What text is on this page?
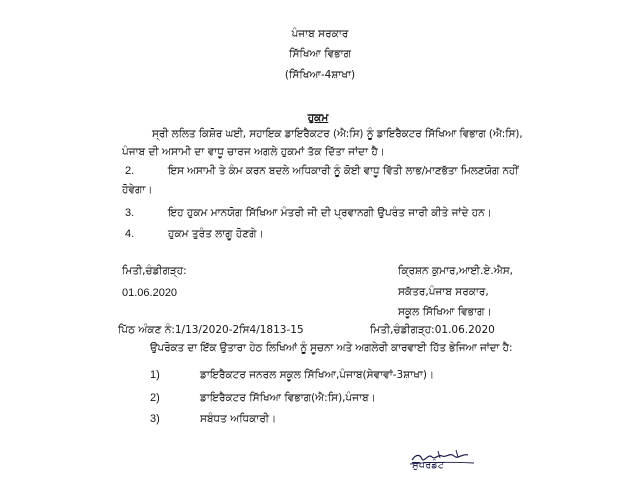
ਪੰਜਾਬ ਸਰਕਾਰ
ਸਿੱਖਿਆ ਵਿਭਾਗ
(ਸਿੱਖਿਆ-4ਸ਼ਾਖਾ)
ਹੁਕਮ
ਸ੍ਰੀ ਲਲਿਤ ਕਿਸ਼ੋਰ ਘਈ, ਸਹਾਇਕ ਡਾਇਰੈਕਟਰ (ਐ:ਸਿ) ਨੂੰ ਡਾਇਰੈਕਟਰ ਸਿੱਖਿਆ ਵਿਭਾਗ (ਐ:ਸਿ),
ਪੰਜਾਬ ਦੀ ਅਸਾਮੀ ਦਾ ਵਾਧੂ ਚਾਰਜ ਅਗਲੇ ਹੁਕਮਾਂ ਤੱਕ ਦਿੱਤਾ ਜਾਂਦਾ ਹੈ।
2.	ਇਸ ਅਸਾਮੀ ਤੇ ਕੰਮ ਕਰਨ ਬਦਲੇ ਅਧਿਕਾਰੀ ਨੂੰ ਕੋਈ ਵਾਧੂ ਵਿੱਤੀ ਲਾਭ/ਮਾਣਭੱਤਾ ਮਿਲਣਯੋਗ ਨਹੀਂ
ਹੋਵੇਗਾ।
3.	ਇਹ ਹੁਕਮ ਮਾਨਯੋਗ ਸਿੱਖਿਆ ਮੰਤਰੀ ਜੀ ਦੀ ਪ੍ਰਵਾਨਗੀ ਉਪਰੰਤ ਜਾਰੀ ਕੀਤੇ ਜਾਂਦੇ ਹਨ।
4.	ਹੁਕਮ ਤੁਰੰਤ ਲਾਗੂ ਹੋਣਗੇ।
ਮਿਤੀ,ਚੰਡੀਗੜ੍ਹ:
01.06.2020
ਕ੍ਰਿਸ਼ਨ ਕੁਮਾਰ,ਆਈ.ਏ.ਐਸ,
ਸਕੱਤਰ,ਪੰਜਾਬ ਸਰਕਾਰ,
ਸਕੂਲ ਸਿੱਖਿਆ ਵਿਭਾਗ।
ਪਿੱਠ ਅੰਕਣ ਨੰ:1/13/2020-2ਸਿ4/1813-15	ਮਿਤੀ,ਚੰਡੀਗੜ੍ਹ:01.06.2020
ਉਪਰੋਕਤ ਦਾ ਇੱਕ ਉਤਾਰਾ ਹੇਠ ਲਿਖਿਆਂ ਨੂੰ ਸੂਚਨਾ ਅਤੇ ਅਗਲੇਰੀ ਕਾਰਵਾਈ ਹਿੱਤ ਭੇਜਿਆ ਜਾਂਦਾ ਹੈ:
1)	ਡਾਇਰੈਕਟਰ ਜਨਰਲ ਸਕੂਲ ਸਿੱਖਿਆ,ਪੰਜਾਬ(ਸੇਵਾਵਾਂ-3ਸ਼ਾਖਾ)।
2)	ਡਾਇਰੈਕਟਰ ਸਿੱਖਿਆ ਵਿਭਾਗ(ਐ:ਸਿ),ਪੰਜਾਬ।
3)	ਸਬੰਧਤ ਅਧਿਕਾਰੀ।
ਸੁਪਰਡੰਟ
